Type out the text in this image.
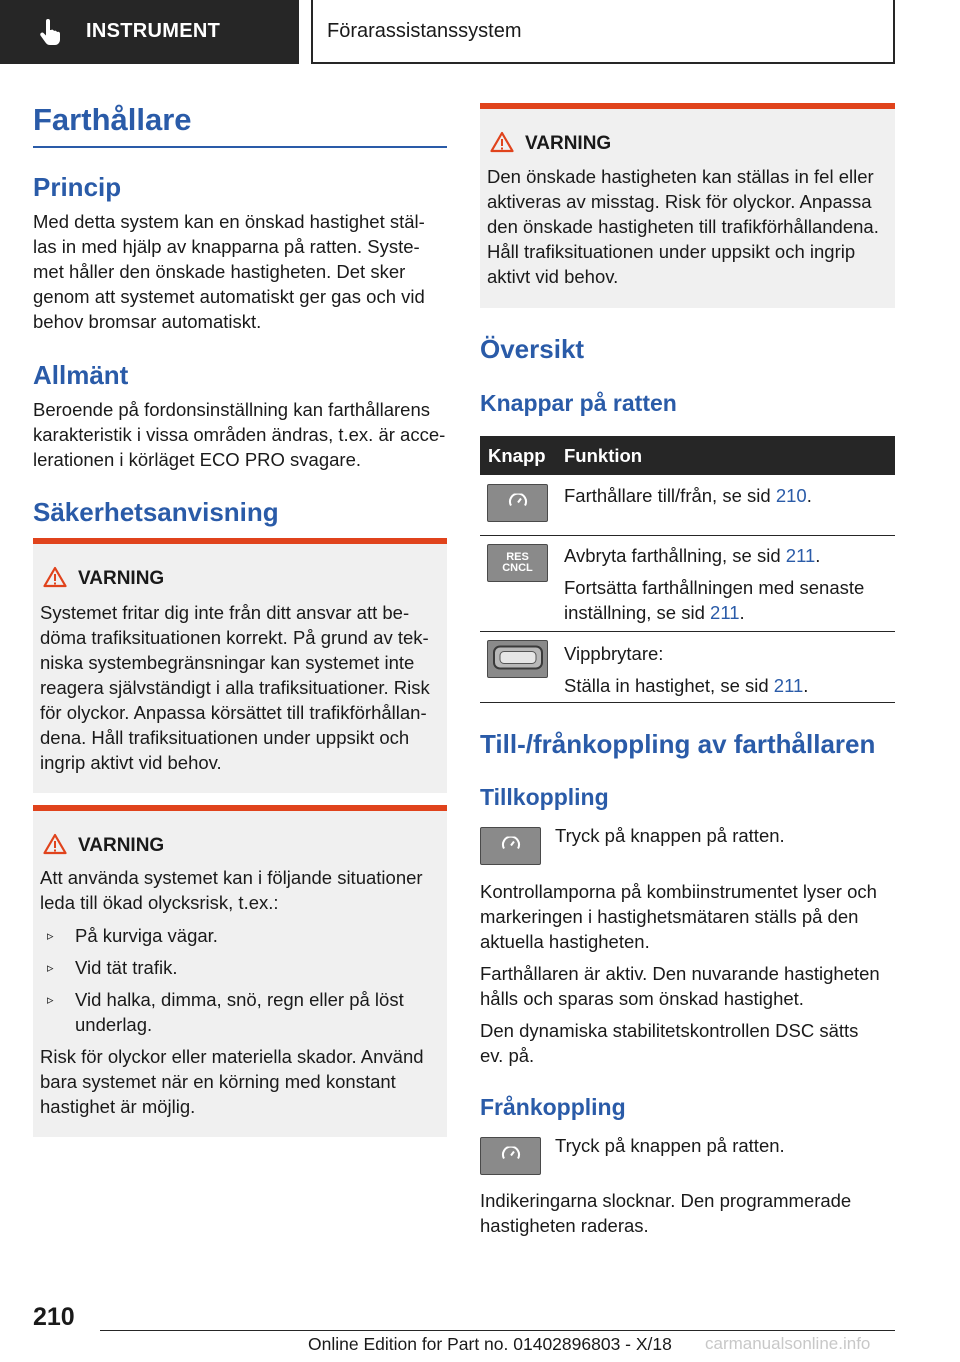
INSTRUMENT	Förarassistanssystem
Farthållare
Princip
Med detta system kan en önskad hastighet stäl‐
las in med hjälp av knapparna på ratten. Syste‐
met håller den önskade hastigheten. Det sker
genom att systemet automatiskt ger gas och vid
behov bromsar automatiskt.
Allmänt
Beroende på fordonsinställning kan farthållarens
karakteristik i vissa områden ändras, t.ex. är acce‐
lerationen i körläget ECO PRO svagare.
Säkerhetsanvisning
VARNING
Systemet fritar dig inte från ditt ansvar att be‐
döma trafiksituationen korrekt. På grund av tek‐
niska systembegränsningar kan systemet inte
reagera självständigt i alla trafiksituationer. Risk
för olyckor. Anpassa körsättet till trafikförhållan‐
dena. Håll trafiksituationen under uppsikt och
ingrip aktivt vid behov.
VARNING
Att använda systemet kan i följande situationer
leda till ökad olycksrisk, t.ex.:
▹ På kurviga vägar.
▹ Vid tät trafik.
▹ Vid halka, dimma, snö, regn eller på löst
underlag.
Risk för olyckor eller materiella skador. Använd
bara systemet när en körning med konstant
hastighet är möjlig.
VARNING
Den önskade hastigheten kan ställas in fel eller
aktiveras av misstag. Risk för olyckor. Anpassa
den önskade hastigheten till trafikförhållandena.
Håll trafiksituationen under uppsikt och ingrip
aktivt vid behov.
Översikt
Knappar på ratten
Knapp Funktion
Farthållare till/från, se sid 210.
RES
CNCL
Avbryta farthållning, se sid 211.
Fortsätta farthållningen med senaste
inställning, se sid 211.
Vippbrytare:
Ställa in hastighet, se sid 211.
Till-/frånkoppling av farthållaren
Tillkoppling
Tryck på knappen på ratten.
Kontrollamporna på kombiinstrumentet lyser och
markeringen i hastighetsmätaren ställs på den
aktuella hastigheten.
Farthållaren är aktiv. Den nuvarande hastigheten
hålls och sparas som önskad hastighet.
Den dynamiska stabilitetskontrollen DSC sätts
ev. på.
Frånkoppling
Tryck på knappen på ratten.
Indikeringarna slocknar. Den programmerade
hastigheten raderas.
210
Online Edition for Part no. 01402896803 - X/18 carmanualsonline.info
